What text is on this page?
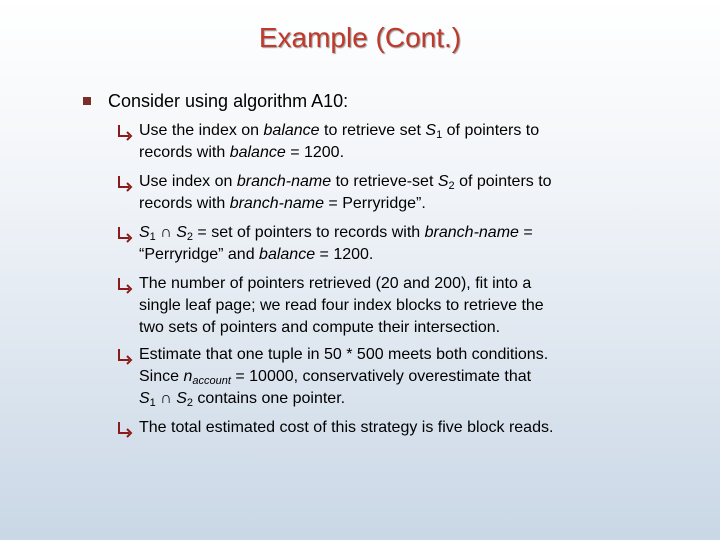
Example (Cont.)
Consider using algorithm A10:
Use the index on balance to retrieve set $S_1$ of pointers to
records with balance = 1200.
Use index on branch-name to retrieve-set $S_2$ of pointers to
records with branch-name = Perryridge”.
$S_1$ ∩ $S_2$ = set of pointers to records with branch-name =
“Perryridge” and balance = 1200.
The number of pointers retrieved (20 and 200), fit into a
single leaf page; we read four index blocks to retrieve the
two sets of pointers and compute their intersection.
Estimate that one tuple in 50 * 500 meets both conditions.
Since $n_{account} = 10000$, conservatively overestimate that
$S_1$ ∩ $S_2$ contains one pointer.
The total estimated cost of this strategy is five block reads.
